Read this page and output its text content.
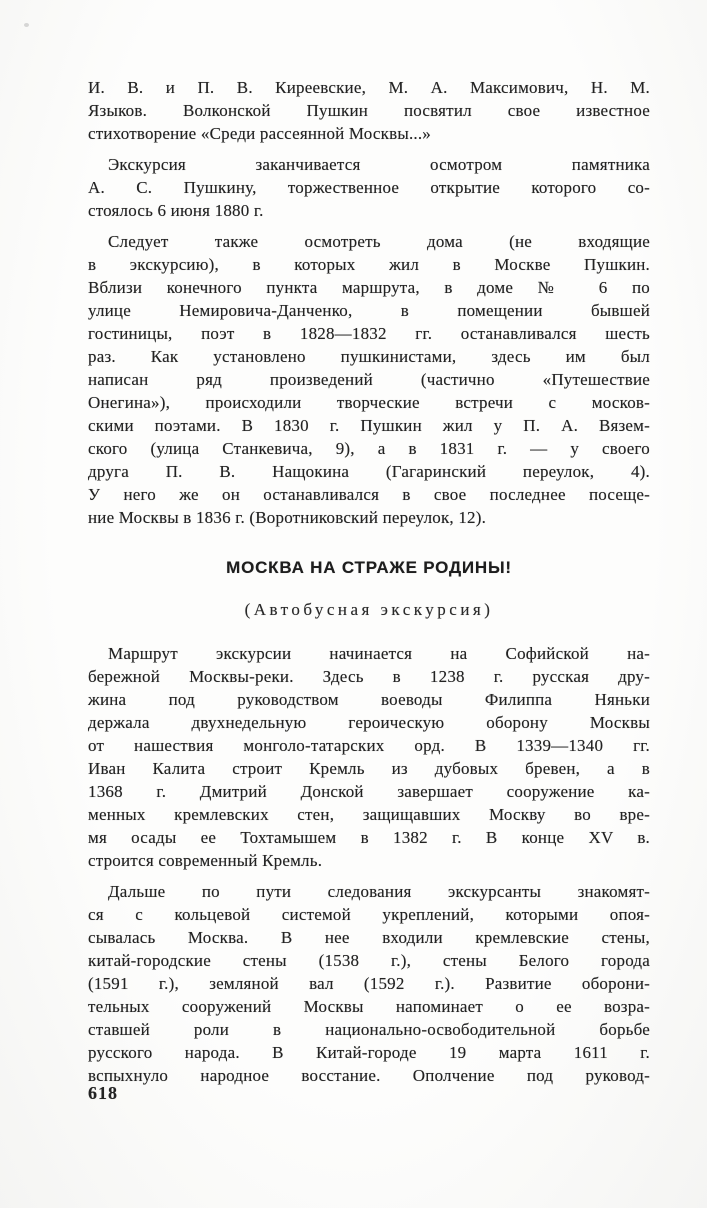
И. В. и П. В. Киреевские, М. А. Максимович, Н. М.
Языков. Волконской Пушкин посвятил свое известное
стихотворение «Среди рассеянной Москвы...»

Экскурсия заканчивается осмотром памятника
А. С. Пушкину, торжественное открытие которого со-
стоялось 6 июня 1880 г.

Следует также осмотреть дома (не входящие
в экскурсию), в которых жил в Москве Пушкин.
Вблизи конечного пункта маршрута, в доме № 6 по
улице Немировича-Данченко, в помещении бывшей
гостиницы, поэт в 1828—1832 гг. останавливался шесть
раз. Как установлено пушкинистами, здесь им был
написан ряд произведений (частично «Путешествие
Онегина»), происходили творческие встречи с москов-
скими поэтами. В 1830 г. Пушкин жил у П. А. Вязем-
ского (улица Станкевича, 9), а в 1831 г. — у своего
друга П. В. Нащокина (Гагаринский переулок, 4).
У него же он останавливался в свое последнее посеще-
ние Москвы в 1836 г. (Воротниковский переулок, 12).

МОСКВА НА СТРАЖЕ РОДИНЫ!
(Автобусная экскурсия)

Маршрут экскурсии начинается на Софийской на-
бережной Москвы-реки. Здесь в 1238 г. русская дру-
жина под руководством воеводы Филиппа Няньки
держала двухнедельную героическую оборону Москвы
от нашествия монголо-татарских орд. В 1339—1340 гг.
Иван Калита строит Кремль из дубовых бревен, а в
1368 г. Дмитрий Донской завершает сооружение ка-
менных кремлевских стен, защищавших Москву во вре-
мя осады ее Тохтамышем в 1382 г. В конце XV в.
строится современный Кремль.

Дальше по пути следования экскурсанты знакомят-
ся с кольцевой системой укреплений, которыми опоя-
сывалась Москва. В нее входили кремлевские стены,
китай-городские стены (1538 г.), стены Белого города
(1591 г.), земляной вал (1592 г.). Развитие оборони-
тельных сооружений Москвы напоминает о ее возра-
ставшей роли в национально-освободительной борьбе
русского народа. В Китай-городе 19 марта 1611 г.
вспыхнуло народное восстание. Ополчение под руковод-

618
